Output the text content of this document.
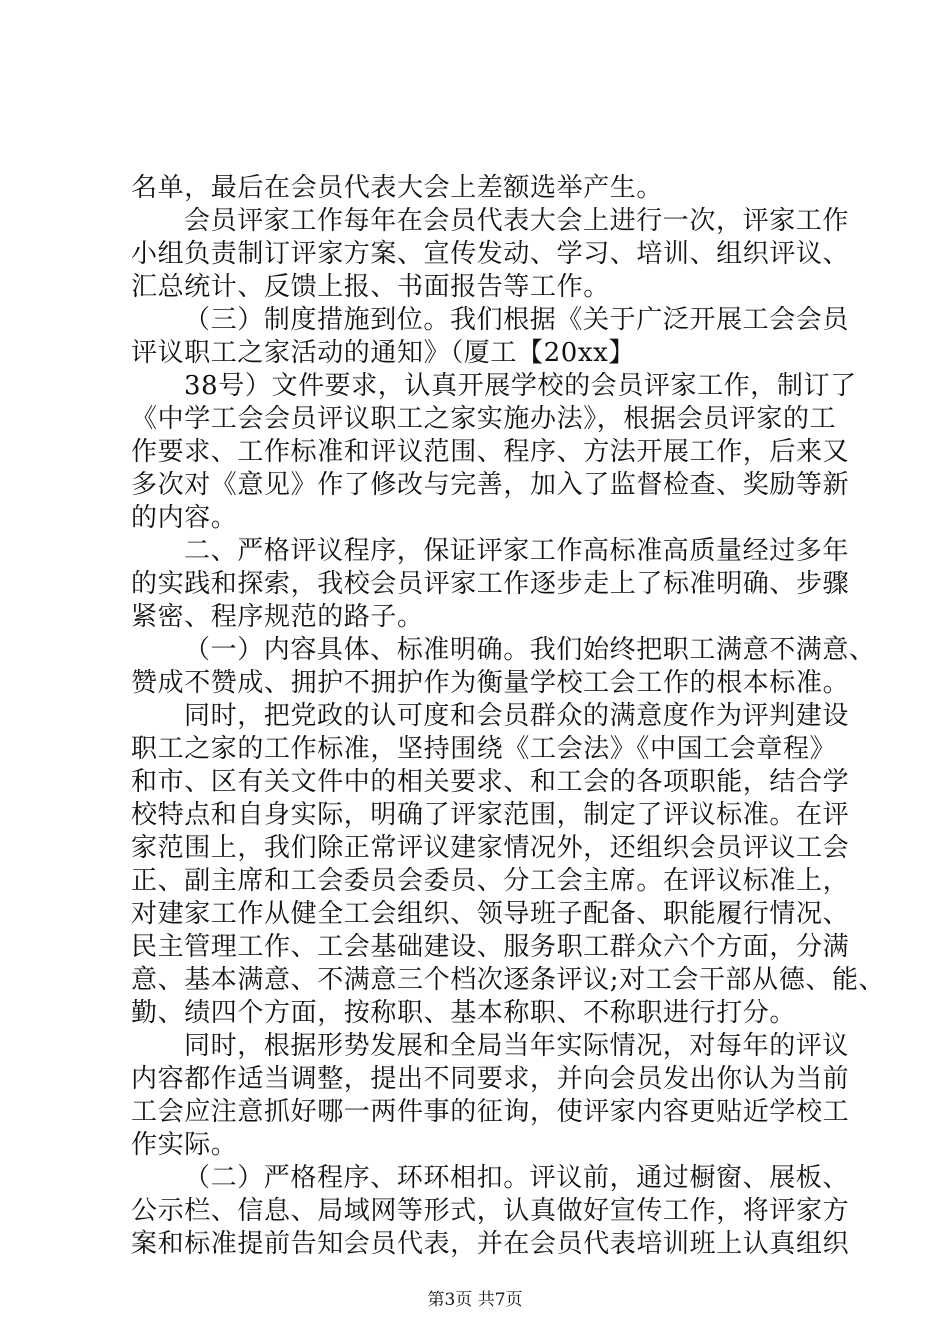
名单，最后在会员代表大会上差额选举产生。
会员评家工作每年在会员代表大会上进行一次，评家工作
小组负责制订评家方案、宣传发动、学习、培训、组织评议、
汇总统计、反馈上报、书面报告等工作。
（三）制度措施到位。我们根据《关于广泛开展工会会员
评议职工之家活动的通知》（厦工【20xx】
38号）文件要求，认真开展学校的会员评家工作，制订了
《中学工会会员评议职工之家实施办法》，根据会员评家的工
作要求、工作标准和评议范围、程序、方法开展工作，后来又
多次对《意见》作了修改与完善，加入了监督检查、奖励等新
的内容。
二、严格评议程序，保证评家工作高标准高质量经过多年
的实践和探索，我校会员评家工作逐步走上了标准明确、步骤
紧密、程序规范的路子。
（一）内容具体、标准明确。我们始终把职工满意不满意、
赞成不赞成、拥护不拥护作为衡量学校工会工作的根本标准。
同时，把党政的认可度和会员群众的满意度作为评判建设
职工之家的工作标准，坚持围绕《工会法》《中国工会章程》
和市、区有关文件中的相关要求、和工会的各项职能，结合学
校特点和自身实际，明确了评家范围，制定了评议标准。在评
家范围上，我们除正常评议建家情况外，还组织会员评议工会
正、副主席和工会委员会委员、分工会主席。在评议标准上，
对建家工作从健全工会组织、领导班子配备、职能履行情况、
民主管理工作、工会基础建设、服务职工群众六个方面，分满
意、基本满意、不满意三个档次逐条评议;对工会干部从德、能、
勤、绩四个方面，按称职、基本称职、不称职进行打分。
同时，根据形势发展和全局当年实际情况，对每年的评议
内容都作适当调整，提出不同要求，并向会员发出你认为当前
工会应注意抓好哪一两件事的征询，使评家内容更贴近学校工
作实际。
（二）严格程序、环环相扣。评议前，通过橱窗、展板、
公示栏、信息、局域网等形式，认真做好宣传工作，将评家方
案和标准提前告知会员代表，并在会员代表培训班上认真组织
第3页 共7页
